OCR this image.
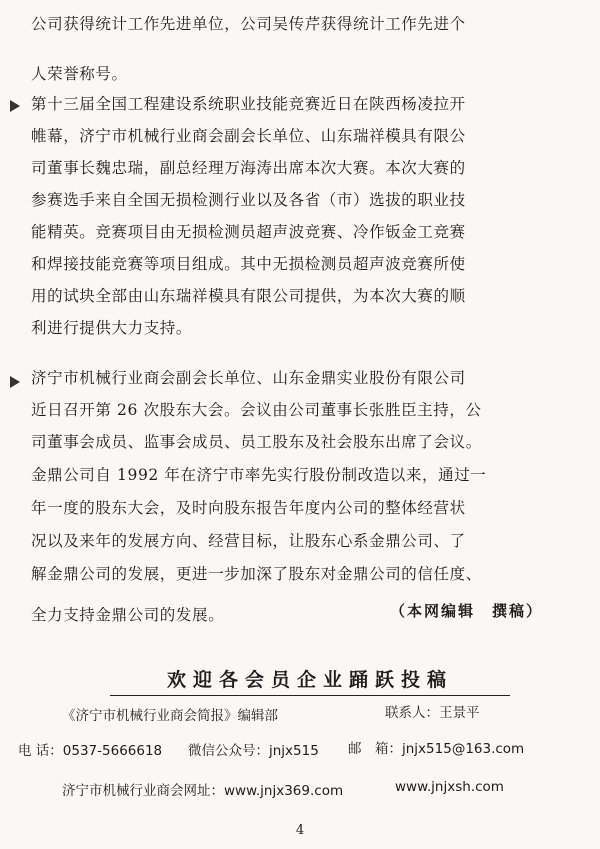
公司获得统计工作先进单位，公司吴传芹获得统计工作先进个
人荣誉称号。
第十三届全国工程建设系统职业技能竞赛近日在陕西杨凌拉开
帷幕，济宁市机械行业商会副会长单位、山东瑞祥模具有限公
司董事长魏忠瑞，副总经理万海涛出席本次大赛。本次大赛的
参赛选手来自全国无损检测行业以及各省（市）选拔的职业技
能精英。竞赛项目由无损检测员超声波竞赛、冷作钣金工竞赛
和焊接技能竞赛等项目组成。其中无损检测员超声波竞赛所使
用的试块全部由山东瑞祥模具有限公司提供，为本次大赛的顺
利进行提供大力支持。
济宁市机械行业商会副会长单位、山东金鼎实业股份有限公司
近日召开第 26 次股东大会。会议由公司董事长张胜臣主持，公
司董事会成员、监事会成员、员工股东及社会股东出席了会议。
金鼎公司自 1992 年在济宁市率先实行股份制改造以来，通过一
年一度的股东大会，及时向股东报告年度内公司的整体经营状
况以及来年的发展方向、经营目标，让股东心系金鼎公司、了
解金鼎公司的发展，更进一步加深了股东对金鼎公司的信任度、
全力支持金鼎公司的发展。	（本网编辑　撰稿）
欢迎各会员企业踊跃投稿
《济宁市机械行业商会简报》编辑部	联系人：王景平
电 话：0537-5666618 微信公众号：jnjx515 邮　箱：jnjx515@163.com
济宁市机械行业商会网址：www.jnjx369.com	www.jnjxsh.com
4
